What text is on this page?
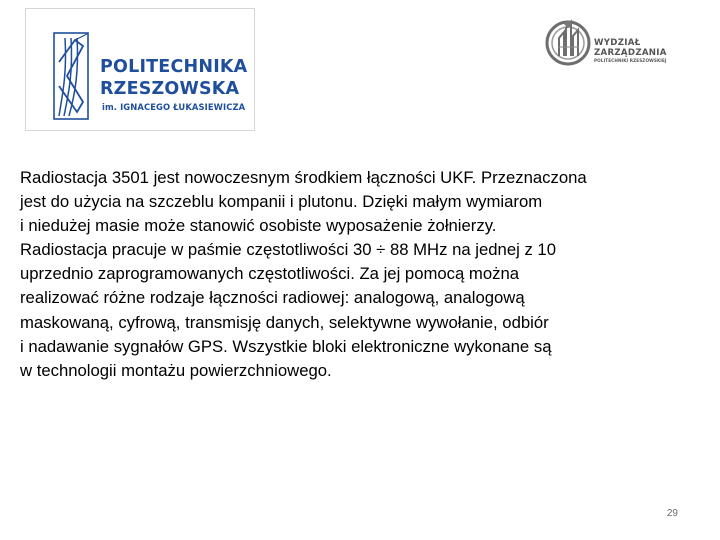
POLITECHNIKA
RZESZOWSKA
im. IGNACEGO ŁUKASIEWICZA
WYDZIAŁ
ZARZĄDZANIA
POLITECHNIKI RZESZOWSKIEJ

Radiostacja 3501 jest nowoczesnym środkiem łączności UKF. Przeznaczona
jest do użycia na szczeblu kompanii i plutonu. Dzięki małym wymiarom
i niedużej masie może stanowić osobiste wyposażenie żołnierzy.
Radiostacja pracuje w paśmie częstotliwości 30 ÷ 88 MHz na jednej z 10
uprzednio zaprogramowanych częstotliwości. Za jej pomocą można
realizować różne rodzaje łączności radiowej: analogową, analogową
maskowaną, cyfrową, transmisję danych, selektywne wywołanie, odbiór
i nadawanie sygnałów GPS. Wszystkie bloki elektroniczne wykonane są
w technologii montażu powierzchniowego.

29
